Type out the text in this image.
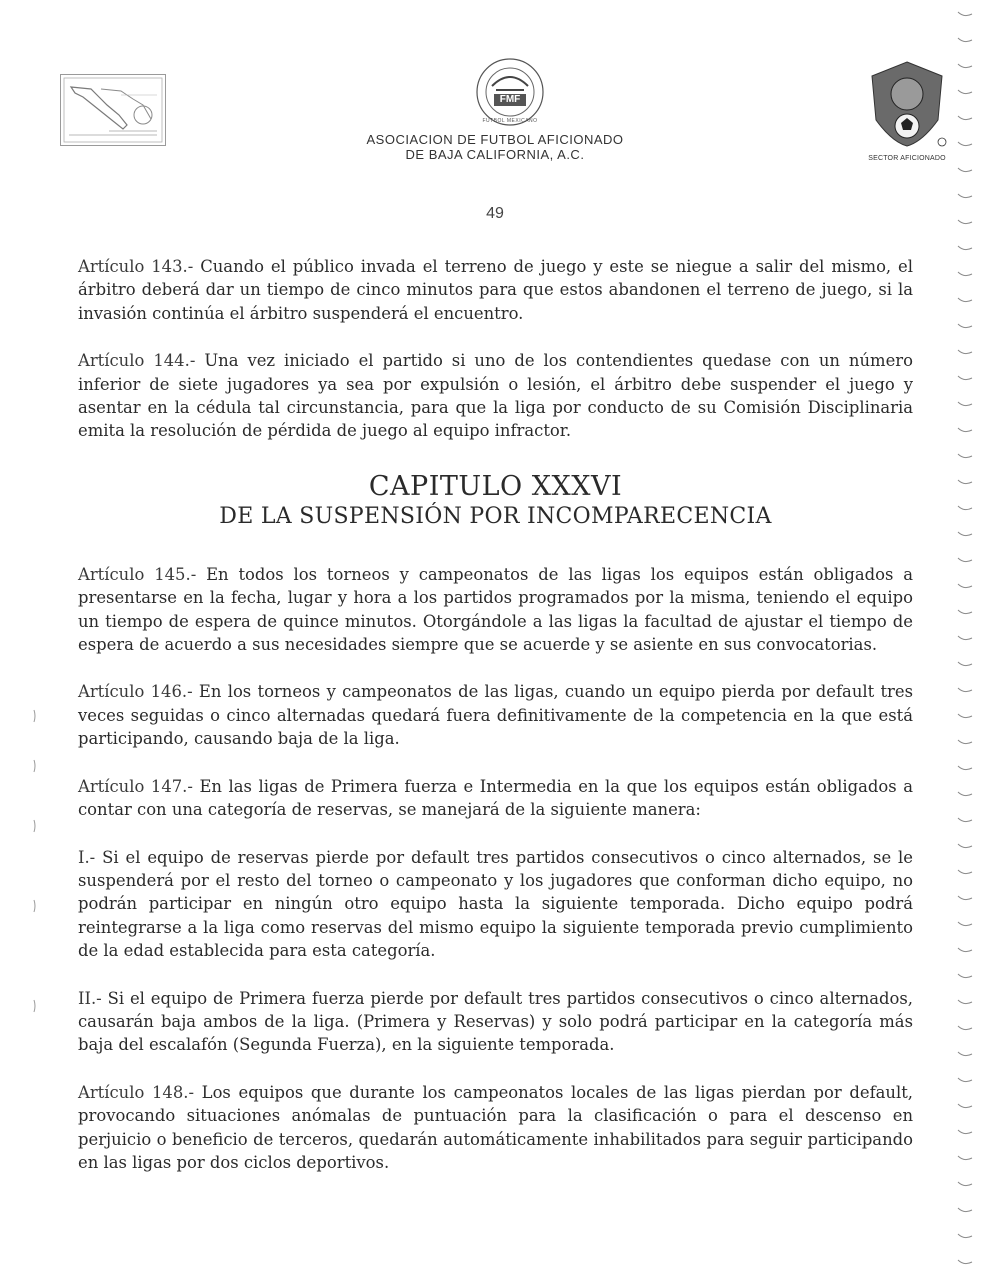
FMF
FUTBOL MEXICANO
SECTOR AFICIONADO
ASOCIACION DE FUTBOL AFICIONADO
DE BAJA CALIFORNIA, A.C.
49

Artículo 143.- Cuando el público invada el terreno de juego y este se niegue a salir del mismo, el árbitro deberá dar un tiempo de cinco minutos para que estos abandonen el terreno de juego, si la invasión continúa el árbitro suspenderá el encuentro.

Artículo 144.- Una vez iniciado el partido si uno de los contendientes quedase con un número inferior de siete jugadores ya sea por expulsión o lesión, el árbitro debe suspender el juego y asentar en la cédula tal circunstancia, para que la liga por conducto de su Comisión Disciplinaria emita la resolución de pérdida de juego al equipo infractor.

CAPITULO XXXVI
DE LA SUSPENSIÓN POR INCOMPARECENCIA

Artículo 145.- En todos los torneos y campeonatos de las ligas los equipos están obligados a presentarse en la fecha, lugar y hora a los partidos programados por la misma, teniendo el equipo un tiempo de espera de quince minutos. Otorgándole a las ligas la facultad de ajustar el tiempo de espera de acuerdo a sus necesidades siempre que se acuerde y se asiente en sus convocatorias.

Artículo 146.- En los torneos y campeonatos de las ligas, cuando un equipo pierda por default tres veces seguidas o cinco alternadas quedará fuera definitivamente de la competencia en la que está participando, causando baja de la liga.

Artículo 147.- En las ligas de Primera fuerza e Intermedia en la que los equipos están obligados a contar con una categoría de reservas, se manejará de la siguiente manera:

I.- Si el equipo de reservas pierde por default tres partidos consecutivos o cinco alternados, se le suspenderá por el resto del torneo o campeonato y los jugadores que conforman dicho equipo, no podrán participar en ningún otro equipo hasta la siguiente temporada. Dicho equipo podrá reintegrarse a la liga como reservas del mismo equipo la siguiente temporada previo cumplimiento de la edad establecida para esta categoría.

II.- Si el equipo de Primera fuerza pierde por default tres partidos consecutivos o cinco alternados, causarán baja ambos de la liga. (Primera y Reservas) y solo podrá participar en la categoría más baja del escalafón (Segunda Fuerza), en la siguiente temporada.

Artículo 148.- Los equipos que durante los campeonatos locales de las ligas pierdan por default, provocando situaciones anómalas de puntuación para la clasificación o para el descenso en perjuicio o beneficio de terceros, quedarán automáticamente inhabilitados para seguir participando en las ligas por dos ciclos deportivos.
